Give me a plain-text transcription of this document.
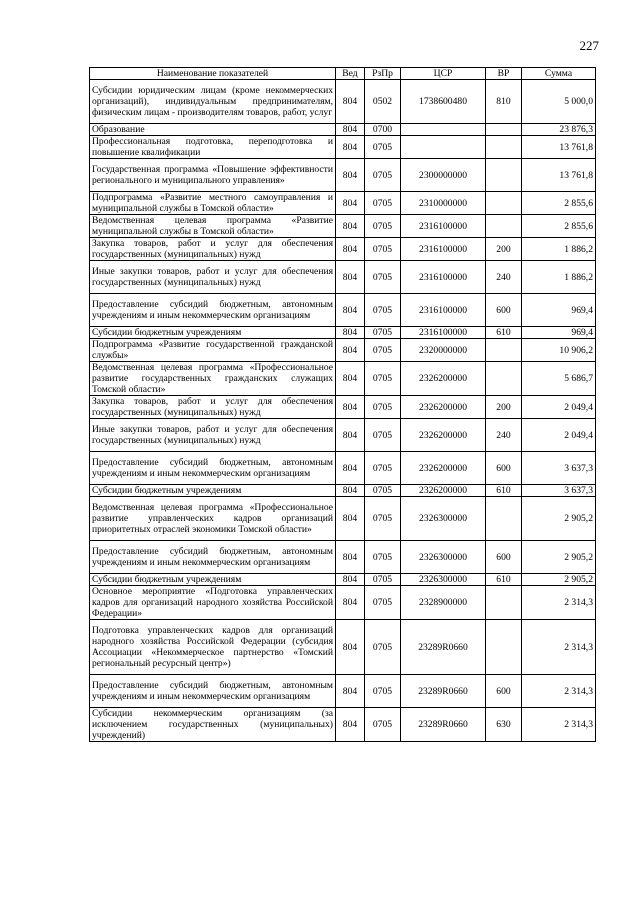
227
Наименование показателей	Вед	РзПр	ЦСР	ВР	Сумма
Субсидии юридическим лицам (кроме некоммерческих организаций), индивидуальным предпринимателям, физическим лицам - производителям товаров, работ, услуг	804	0502	1738600480	810	5 000,0
Образование	804	0700			23 876,3
Профессиональная подготовка, переподготовка и повышение квалификации	804	0705			13 761,8
Государственная программа «Повышение эффективности регионального и муниципального управления»	804	0705	2300000000		13 761,8
Подпрограмма «Развитие местного самоуправления и муниципальной службы в Томской области»	804	0705	2310000000		2 855,6
Ведомственная целевая программа «Развитие муниципальной службы в Томской области»	804	0705	2316100000		2 855,6
Закупка товаров, работ и услуг для обеспечения государственных (муниципальных) нужд	804	0705	2316100000	200	1 886,2
Иные закупки товаров, работ и услуг для обеспечения государственных (муниципальных) нужд	804	0705	2316100000	240	1 886,2
Предоставление субсидий бюджетным, автономным учреждениям и иным некоммерческим организациям	804	0705	2316100000	600	969,4
Субсидии бюджетным учреждениям	804	0705	2316100000	610	969,4
Подпрограмма «Развитие государственной гражданской службы»	804	0705	2320000000		10 906,2
Ведомственная целевая программа «Профессиональное развитие государственных гражданских служащих Томской области»	804	0705	2326200000		5 686,7
Закупка товаров, работ и услуг для обеспечения государственных (муниципальных) нужд	804	0705	2326200000	200	2 049,4
Иные закупки товаров, работ и услуг для обеспечения государственных (муниципальных) нужд	804	0705	2326200000	240	2 049,4
Предоставление субсидий бюджетным, автономным учреждениям и иным некоммерческим организациям	804	0705	2326200000	600	3 637,3
Субсидии бюджетным учреждениям	804	0705	2326200000	610	3 637,3
Ведомственная целевая программа «Профессиональное развитие управленческих кадров организаций приоритетных отраслей экономики Томской области»	804	0705	2326300000		2 905,2
Предоставление субсидий бюджетным, автономным учреждениям и иным некоммерческим организациям	804	0705	2326300000	600	2 905,2
Субсидии бюджетным учреждениям	804	0705	2326300000	610	2 905,2
Основное мероприятие «Подготовка управленческих кадров для организаций народного хозяйства Российской Федерации»	804	0705	2328900000		2 314,3
Подготовка управленческих кадров для организаций народного хозяйства Российской Федерации (субсидия Ассоциации «Некоммерческое партнерство «Томский региональный ресурсный центр»)	804	0705	23289R0660		2 314,3
Предоставление субсидий бюджетным, автономным учреждениям и иным некоммерческим организациям	804	0705	23289R0660	600	2 314,3
Субсидии некоммерческим организациям (за исключением государственных (муниципальных) учреждений)	804	0705	23289R0660	630	2 314,3
